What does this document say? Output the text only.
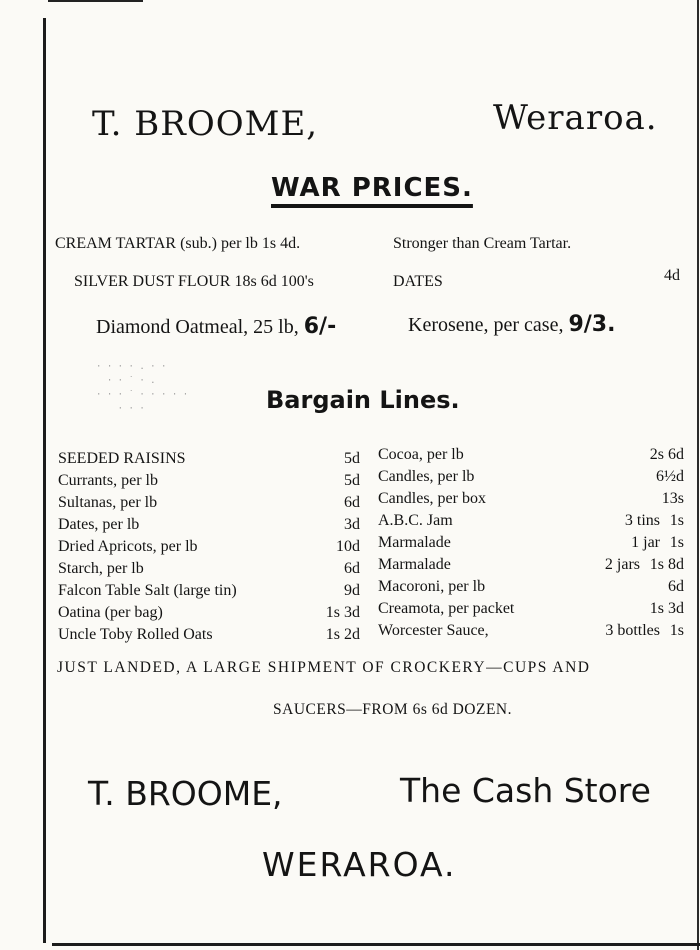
T. BROOME,	Weraroa.
WAR PRICES.
CREAM TARTAR (sub.) per lb 1s 4d.	Stronger than Cream Tartar.
SILVER DUST FLOUR 18s 6d 100's	DATES	4d
Diamond Oatmeal, 25 lb, 6/-	Kerosene, per case, 9/3.
· · · · . · ·
· · ˙ · .
· · · ˙ · · · · ·
· · ·	Bargain Lines.
SEEDED RAISINS	5d
Currants, per lb	5d
Sultanas, per lb	6d
Dates, per lb	3d
Dried Apricots, per lb	10d
Starch, per lb	6d
Falcon Table Salt (large tin)	9d
Oatina (per bag)	1s 3d
Uncle Toby Rolled Oats	1s 2d
Cocoa, per lb	2s 6d
Candles, per lb	6½d
Candles, per box	13s
A.B.C. Jam	3 tins 1s
Marmalade	1 jar 1s
Marmalade	2 jars 1s 8d
Macoroni, per lb	6d
Creamota, per packet	1s 3d
Worcester Sauce,	3 bottles 1s
JUST LANDED, A LARGE SHIPMENT OF CROCKERY—CUPS AND
SAUCERS—FROM 6s 6d DOZEN.
T. BROOME,	The Cash Store
WERAROA.
